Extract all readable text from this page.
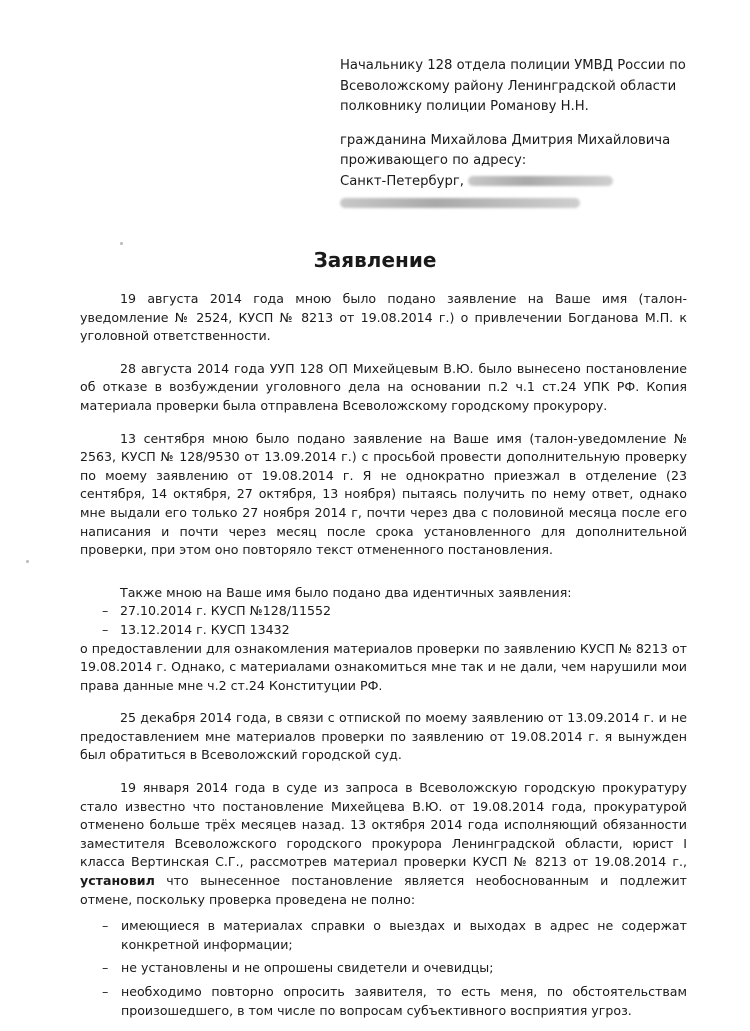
Начальнику 128 отдела полиции УМВД России по
Всеволожскому району Ленинградской области
полковнику полиции Романову Н.Н.
гражданина Михайлова Дмитрия Михайловича
проживающего по адресу:
Санкт-Петербург,
Заявление

19 августа 2014 года мною было подано заявление на Ваше имя (талон-уведомление № 2524, КУСП № 8213 от 19.08.2014 г.) о привлечении Богданова М.П. к уголовной ответственности.

28 августа 2014 года УУП 128 ОП Михейцевым В.Ю. было вынесено постановление об отказе в возбуждении уголовного дела на основании п.2 ч.1 ст.24 УПК РФ. Копия материала проверки была отправлена Всеволожскому городскому прокурору.

13 сентября мною было подано заявление на Ваше имя (талон-уведомление № 2563, КУСП № 128/9530 от 13.09.2014 г.) с просьбой провести дополнительную проверку по моему заявлению от 19.08.2014 г. Я не однократно приезжал в отделение (23 сентября, 14 октября, 27 октября, 13 ноября) пытаясь получить по нему ответ, однако мне выдали его только 27 ноября 2014 г, почти через два с половиной месяца после его написания и почти через месяц после срока установленного для дополнительной проверки, при этом оно повторяло текст отмененного постановления.

Также мною на Ваше имя было подано два идентичных заявления:

– 27.10.2014 г. КУСП №128/11552
– 13.12.2014 г. КУСП 13432

о предоставлении для ознакомления материалов проверки по заявлению КУСП № 8213 от 19.08.2014 г. Однако, с материалами ознакомиться мне так и не дали, чем нарушили мои права данные мне ч.2 ст.24 Конституции РФ.

25 декабря 2014 года, в связи с отпиской по моему заявлению от 13.09.2014 г. и не предоставлением мне материалов проверки по заявлению от 19.08.2014 г. я вынужден был обратиться в Всеволожский городской суд.

19 января 2014 года в суде из запроса в Всеволожскую городскую прокуратуру стало известно что постановление Михейцева В.Ю. от 19.08.2014 года, прокуратурой отменено больше трёх месяцев назад. 13 октября 2014 года исполняющий обязанности заместителя Всеволожского городского прокурора Ленинградской области, юрист I класса Вертинская С.Г., рассмотрев материал проверки КУСП № 8213 от 19.08.2014 г., установил что вынесенное постановление является необоснованным и подлежит отмене, поскольку проверка проведена не полно:

– имеющиеся в материалах справки о выездах и выходах в адрес не содержат конкретной информации;
– не установлены и не опрошены свидетели и очевидцы;
– необходимо повторно опросить заявителя, то есть меня, по обстоятельствам произошедшего, в том числе по вопросам субъективного восприятия угроз.
